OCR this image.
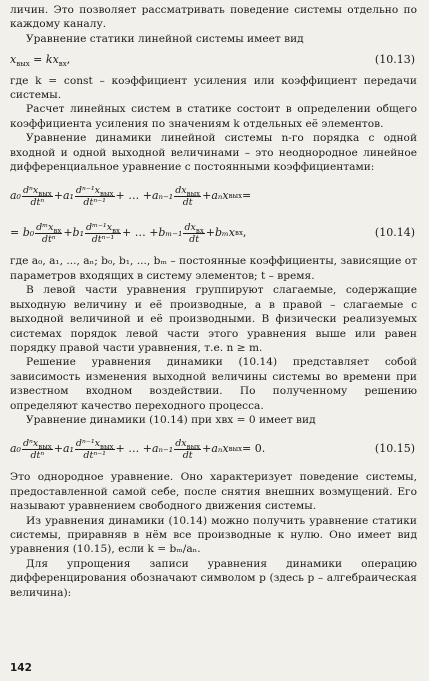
личин. Это позволяет рассматривать поведение системы отдельно по каждому каналу.

Уравнение статики линейной системы имеет вид

$x_{вых} = kx_{вх}$,	(10.13)

где k = const – коэффициент усиления или коэффициент передачи системы.

Расчет линейных систем в статике состоит в определении общего коэффициента усиления по значениям k отдельных её элементов.

Уравнение динамики линейной системы n-го порядка с одной входной и одной выходной величинами – это неоднородное линейное дифференциальное уравнение с постоянными коэффициентами:

$a_0 \frac{d^nx_{вых}}{\text{dtⁿ}} + a_1 \frac{d^{n-1}x_{вых}}{\text{dtⁿ⁻¹}}$ + … + $a_{n-1} \frac{dx_{вых}}{dt} + a_n$ x вых =
= $b_0 \frac{dᵐx_{вх}}{\text{dtⁿ}} + b_1 \frac{dᵐ^{-1}x_{вх}}{\text{dtⁿ⁻¹}}$ + … + $b_{m-1} \frac{dx_{вх}}{dt} + b_m$ x вх ,	(10.14)

где a₀, a₁, ..., aₙ; b₀, b₁, ..., bₘ – постоянные коэффициенты, зависящие от параметров входящих в систему элементов; t – время.

В левой части уравнения группируют слагаемые, содержащие выходную величину и её производные, а в правой – слагаемые с выходной величиной и её производными. В физически реализуемых системах порядок левой части этого уравнения выше или равен порядку правой части уравнения, т.е. n ≥ m.

Решение уравнения динамики (10.14) представляет собой зависимость изменения выходной величины системы во времени при известном входном воздействии. По полученному решению определяют качество переходного процесса.

Уравнение динамики (10.14) при xвх = 0 имеет вид

$a_0 \frac{d^nx_{вых}}{\text{dtⁿ}} + a_1 \frac{d^{n-1}x_{вых}}{\text{dtⁿ⁻¹}}$ + … + $a_{n-1} \frac{dx_{вых}}{dt} + a_n$ x вых = 0.	(10.15)

Это однородное уравнение. Оно характеризует поведение системы, предоставленной самой себе, после снятия внешних возмущений. Его называют уравнением свободного движения системы.

Из уравнения динамики (10.14) можно получить уравнение статики системы, приравняв в нём все производные к нулю. Оно имеет вид уравнения (10.15), если k = bₘ/aₙ.

Для упрощения записи уравнения динамики операцию дифференцирования обозначают символом p (здесь p – алгебраическая величина):

142
